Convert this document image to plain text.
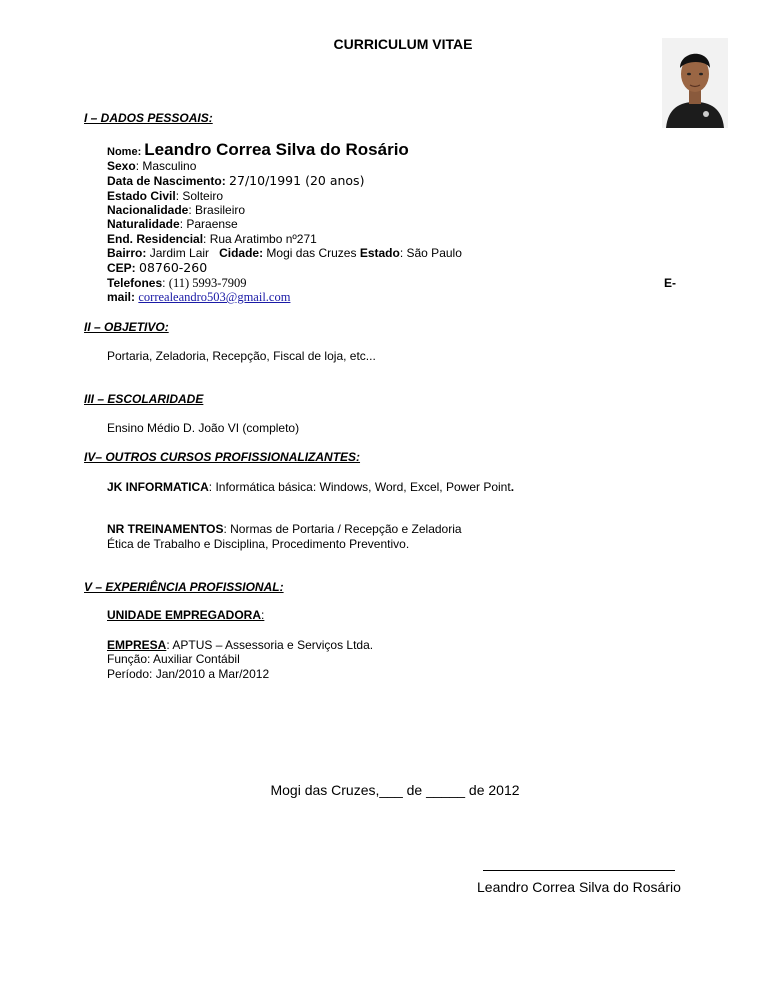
CURRICULUM VITAE
I – DADOS PESSOAIS:
Nome: Leandro Correa Silva do Rosário
Sexo: Masculino
Data de Nascimento: 27/10/1991 (20 anos)
Estado Civil: Solteiro
Nacionalidade: Brasileiro
Naturalidade: Paraense
End. Residencial: Rua Aratimbo nº271
Bairro: Jardim Lair Cidade: Mogi das Cruzes Estado: São Paulo
CEP: 08760-260
Telefones: (11) 5993-7909	E-
mail: correaleandro503@gmail.com
II – OBJETIVO:
Portaria, Zeladoria, Recepção, Fiscal de loja, etc...
III – ESCOLARIDADE
Ensino Médio D. João VI (completo)
IV– OUTROS CURSOS PROFISSIONALIZANTES:
JK INFORMATICA: Informática básica: Windows, Word, Excel, Power Point.
NR TREINAMENTOS: Normas de Portaria / Recepção e Zeladoria
Ética de Trabalho e Disciplina, Procedimento Preventivo.
V – EXPERIÊNCIA PROFISSIONAL:
UNIDADE EMPREGADORA:
EMPRESA: APTUS – Assessoria e Serviços Ltda.
Função: Auxiliar Contábil
Período: Jan/2010 a Mar/2012
Mogi das Cruzes,___ de _____ de 2012
Leandro Correa Silva do Rosário
